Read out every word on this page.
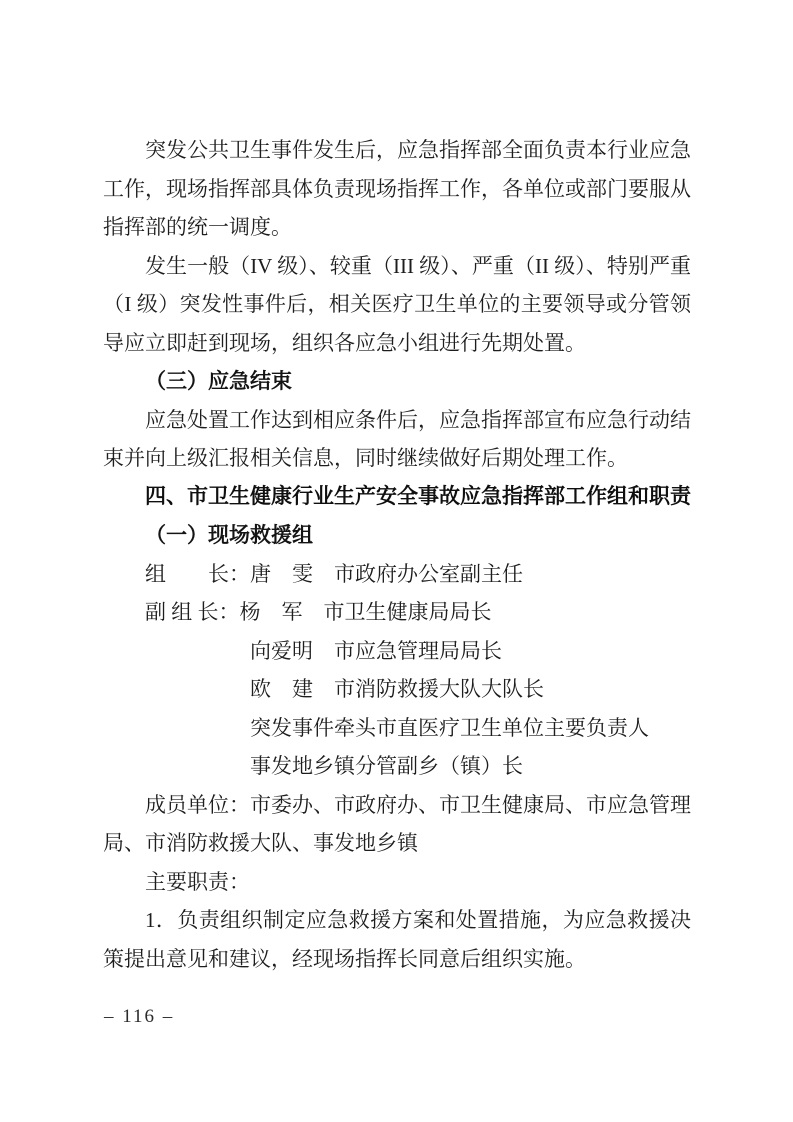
突发公共卫生事件发生后，应急指挥部全面负责本行业应急
工作，现场指挥部具体负责现场指挥工作，各单位或部门要服从
指挥部的统一调度。
发生一般（IV 级）、较重（III 级）、严重（II 级）、特别严重
（I 级）突发性事件后，相关医疗卫生单位的主要领导或分管领
导应立即赶到现场，组织各应急小组进行先期处置。
（三）应急结束
应急处置工作达到相应条件后，应急指挥部宣布应急行动结
束并向上级汇报相关信息，同时继续做好后期处理工作。
四、市卫生健康行业生产安全事故应急指挥部工作组和职责
（一）现场救援组
组　　长：唐　雯　市政府办公室副主任
副 组 长：杨　军　市卫生健康局局长
向爱明　市应急管理局局长
欧　建　市消防救援大队大队长
突发事件牵头市直医疗卫生单位主要负责人
事发地乡镇分管副乡（镇）长
成员单位：市委办、市政府办、市卫生健康局、市应急管理
局、市消防救援大队、事发地乡镇
主要职责：
1．负责组织制定应急救援方案和处置措施，为应急救援决
策提出意见和建议，经现场指挥长同意后组织实施。
– 116 –
